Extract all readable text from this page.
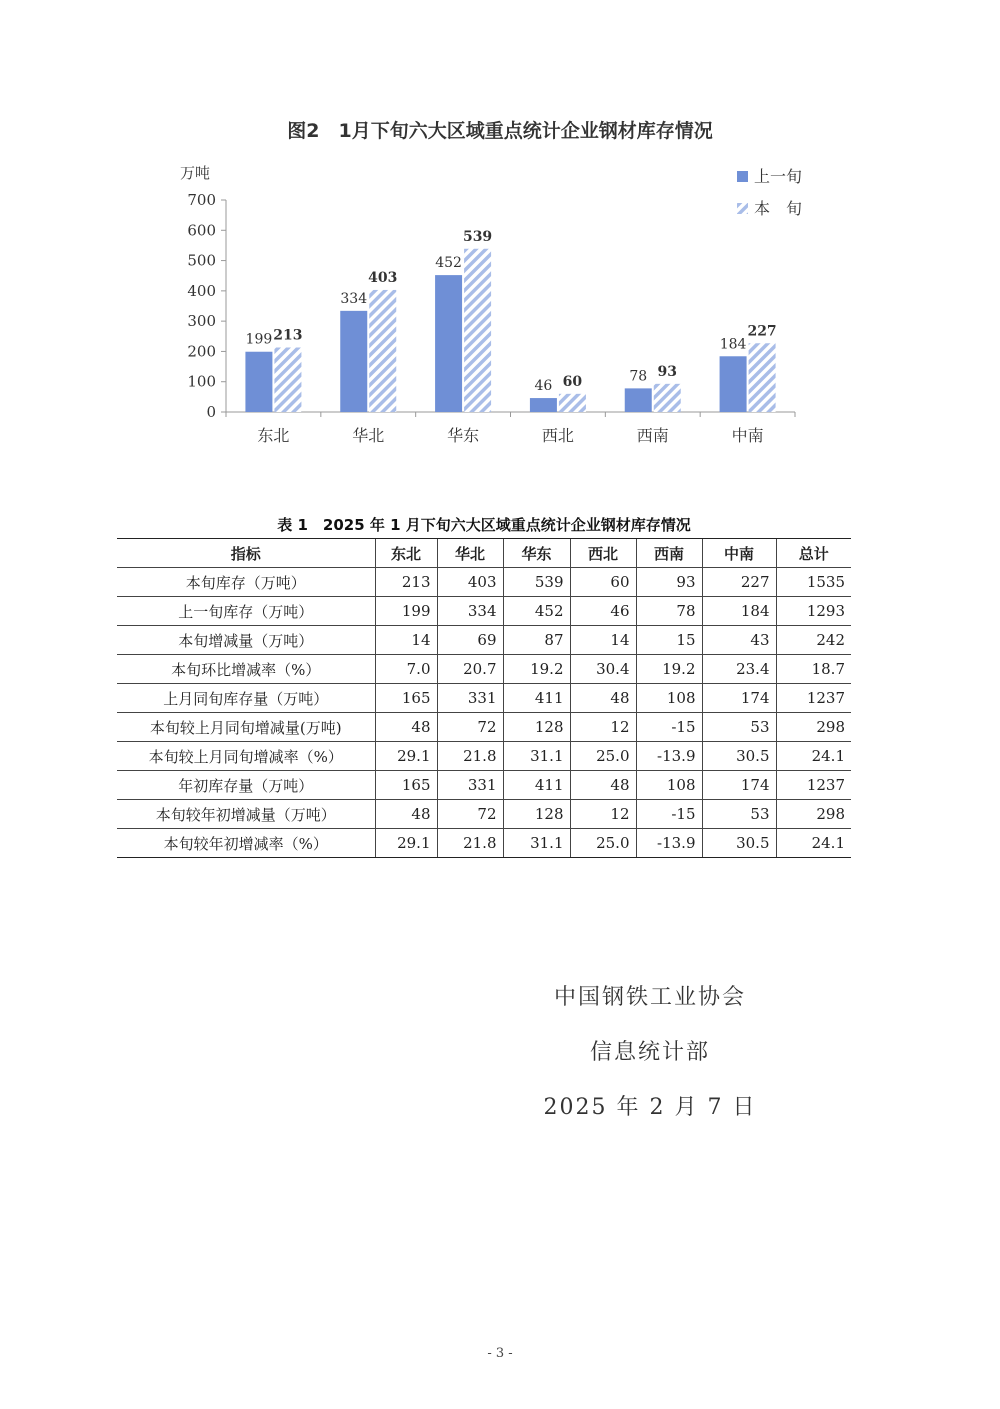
图2　1月下旬六大区域重点统计企业钢材库存情况
万吨
0
100
200
300
400
500
600
700
199 213
东北
334
403
华北
452
539
华东
46 60
西北
78 93
西南
184
227
中南
上一旬
本　旬
表 1　2025 年 1 月下旬六大区域重点统计企业钢材库存情况
指标	东北	华北	华东	西北	西南	中南	总计
本旬库存（万吨）	213	403	539	60	93	227	1535
上一旬库存（万吨）	199	334	452	46	78	184	1293
本旬增减量（万吨）	14	69	87	14	15	43	242
本旬环比增减率（%）	7.0	20.7	19.2	30.4	19.2	23.4	18.7
上月同旬库存量（万吨）	165	331	411	48	108	174	1237
本旬较上月同旬增减量(万吨)	48	72	128	12	-15	53	298
本旬较上月同旬增减率（%）	29.1	21.8	31.1	25.0	-13.9	30.5	24.1
年初库存量（万吨）	165	331	411	48	108	174	1237
本旬较年初增减量（万吨）	48	72	128	12	-15	53	298
本旬较年初增减率（%）	29.1	21.8	31.1	25.0	-13.9	30.5	24.1
中国钢铁工业协会
信息统计部
2025 年 2 月 7 日
- 3 -
